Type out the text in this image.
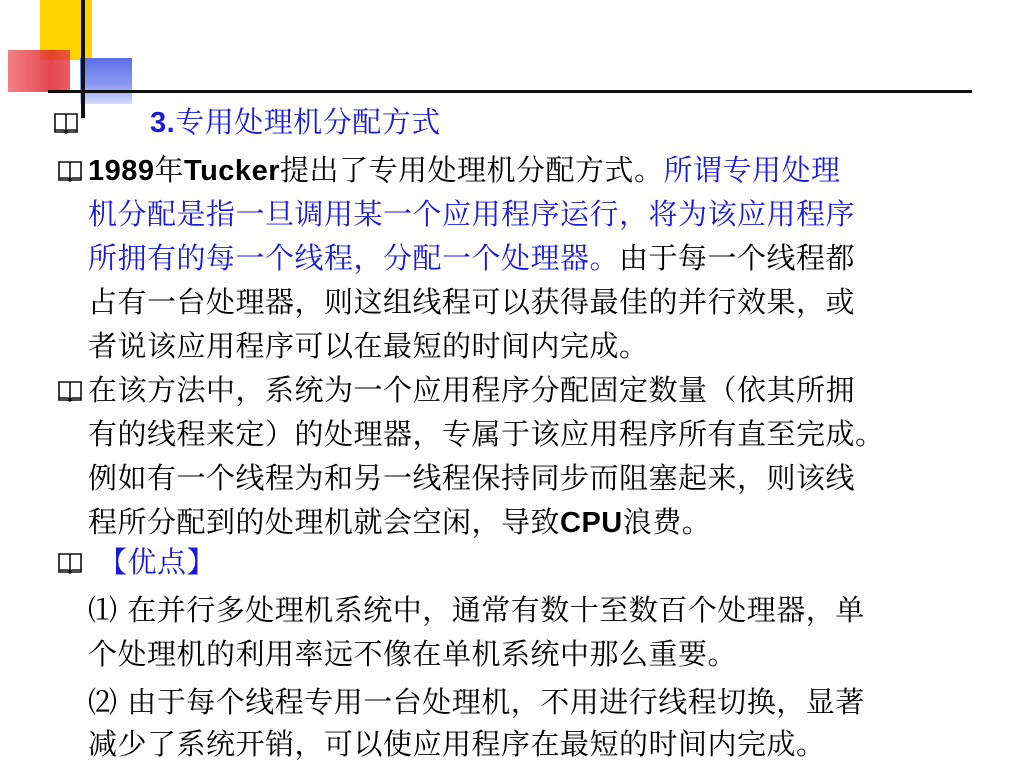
3.专用处理机分配方式
1989年Tucker提出了专用处理机分配方式。所谓专用处理
机分配是指一旦调用某一个应用程序运行，将为该应用程序
所拥有的每一个线程，分配一个处理器。由于每一个线程都
占有一台处理器，则这组线程可以获得最佳的并行效果，或
者说该应用程序可以在最短的时间内完成。
在该方法中，系统为一个应用程序分配固定数量（依其所拥
有的线程来定）的处理器，专属于该应用程序所有直至完成。
例如有一个线程为和另一线程保持同步而阻塞起来，则该线
程所分配到的处理机就会空闲，导致CPU浪费。
【优点】
⑴ 在并行多处理机系统中，通常有数十至数百个处理器，单
个处理机的利用率远不像在单机系统中那么重要。
⑵ 由于每个线程专用一台处理机，不用进行线程切换，显著
减少了系统开销，可以使应用程序在最短的时间内完成。
